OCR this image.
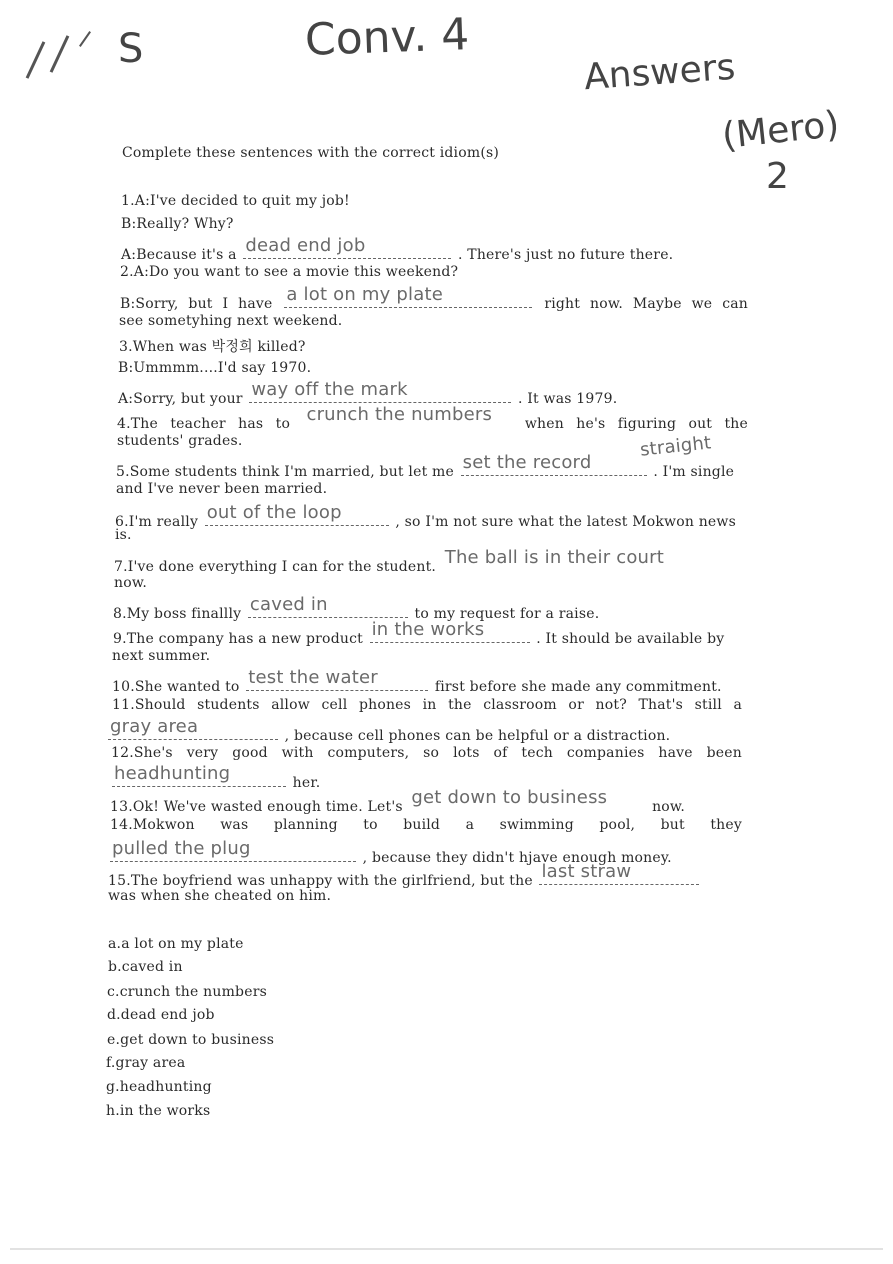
Conv. 4
S	Answers
(Mero)
2
Complete these sentences with the correct idiom(s)
1.A:I've decided to quit my job!
B:Really? Why?
A:Because it's a dead end job	. There's just no future there.
2.A:Do you want to see a movie this weekend?
B:Sorry, but I have a lot on my plate	right now. Maybe we can
see sometyhing next weekend.
3.When was 박정희 killed?
B:Ummmm....I'd say 1970.
A:Sorry, but your way off the mark	. It was 1979.
4.The teacher has to crunch the numbers when he's figuring out the
students' grades.	straight
5.Some students think I'm married, but let me set the record	. I'm single
and I've never been married.
6.I'm really out of the loop	, so I'm not sure what the latest Mokwon news
is.
7.I've done everything I can for the student. The ball is in their court
now.
8.My boss finallly caved in	to my request for a raise.
9.The company has a new product in the works	. It should be available by
next summer.
10.She wanted to test the water	first before she made any commitment.
11.Should students allow cell phones in the classroom or not? That's still a
gray area	, because cell phones can be helpful or a distraction.
12.She's very good with computers, so lots of tech companies have been
headhunting	her.
13.Ok! We've wasted enough time. Let's get down to business	now.
14.Mokwon was planning to build a swimming pool, but they
pulled the plug	, because they didn't hjave enough money.
15.The boyfriend was unhappy with the girlfriend, but the last straw
was when she cheated on him.
a.a lot on my plate
b.caved in
c.crunch the numbers
d.dead end job
e.get down to business
f.gray area
g.headhunting
h.in the works
